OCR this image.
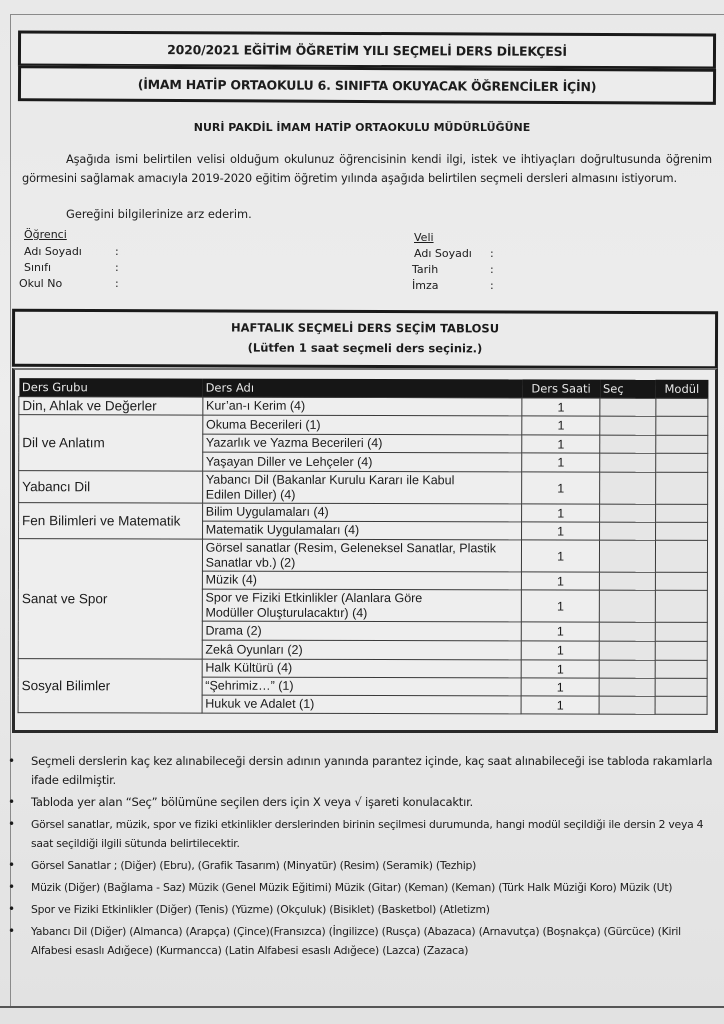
2020/2021 EĞİTİM ÖĞRETİM YILI SEÇMELİ DERS DİLEKÇESİ
(İMAM HATİP ORTAOKULU 6. SINIFTA OKUYACAK ÖĞRENCİLER İÇİN)
NURİ PAKDİL İMAM HATİP ORTAOKULU MÜDÜRLÜĞÜNE
Aşağıda ismi belirtilen velisi olduğum okulunuz öğrencisinin kendi ilgi, istek ve ihtiyaçları doğrultusunda öğrenim görmesini sağlamak amacıyla 2019-2020 eğitim öğretim yılında aşağıda belirtilen seçmeli dersleri almasını istiyorum.
Gereğini bilgilerinize arz ederim.
Öğrenci
Adı Soyadı	:
Sınıfı	:
Okul No	:
Veli
Adı Soyadı :
Tarih	:
İmza	:
HAFTALIK SEÇMELİ DERS SEÇİM TABLOSU
(Lütfen 1 saat seçmeli ders seçiniz.)
Ders Grubu	Ders Adı	Ders Saati	Seç	Modül
Din, Ahlak ve Değerler	Kur’an-ı Kerim (4)	1		
Dil ve Anlatım	Okuma Becerileri (1)	1		
	Yazarlık ve Yazma Becerileri (4)	1		
	Yaşayan Diller ve Lehçeler (4)	1		
Yabancı Dil	Yabancı Dil (Bakanlar Kurulu Kararı ile Kabul Edilen Diller) (4)	1		
Fen Bilimleri ve Matematik	Bilim Uygulamaları (4)	1		
	Matematik Uygulamaları (4)	1		
Sanat ve Spor	Görsel sanatlar (Resim, Geleneksel Sanatlar, Plastik Sanatlar vb.) (2)	1		
	Müzik (4)	1		
	Spor ve Fiziki Etkinlikler (Alanlara Göre Modüller Oluşturulacaktır) (4)	1		
	Drama (2)	1		
	Zekâ Oyunları (2)	1		
Sosyal Bilimler	Halk Kültürü (4)	1		
	“Şehrimiz…” (1)	1		
	Hukuk ve Adalet (1)	1		
• Seçmeli derslerin kaç kez alınabileceği dersin adının yanında parantez içinde, kaç saat alınabileceği ise tabloda rakamlarla ifade edilmiştir.
• Tabloda yer alan “Seç” bölümüne seçilen ders için X veya √ işareti konulacaktır.
• Görsel sanatlar, müzik, spor ve fiziki etkinlikler derslerinden birinin seçilmesi durumunda, hangi modül seçildiği ile dersin 2 veya 4 saat seçildiği ilgili sütunda belirtilecektir.
• Görsel Sanatlar ; (Diğer) (Ebru), (Grafik Tasarım) (Minyatür) (Resim) (Seramik) (Tezhip)
• Müzik (Diğer) (Bağlama - Saz) Müzik (Genel Müzik Eğitimi) Müzik (Gitar) (Keman) (Keman) (Türk Halk Müziği Koro) Müzik (Ut)
• Spor ve Fiziki Etkinlikler (Diğer) (Tenis) (Yüzme) (Okçuluk) (Bisiklet) (Basketbol) (Atletizm)
• Yabancı Dil (Diğer) (Almanca) (Arapça) (Çince)(Fransızca) (İngilizce) (Rusça) (Abazaca) (Arnavutça) (Boşnakça) (Gürcüce) (Kiril Alfabesi esaslı Adığece) (Kurmancca) (Latin Alfabesi esaslı Adığece) (Lazca) (Zazaca)
